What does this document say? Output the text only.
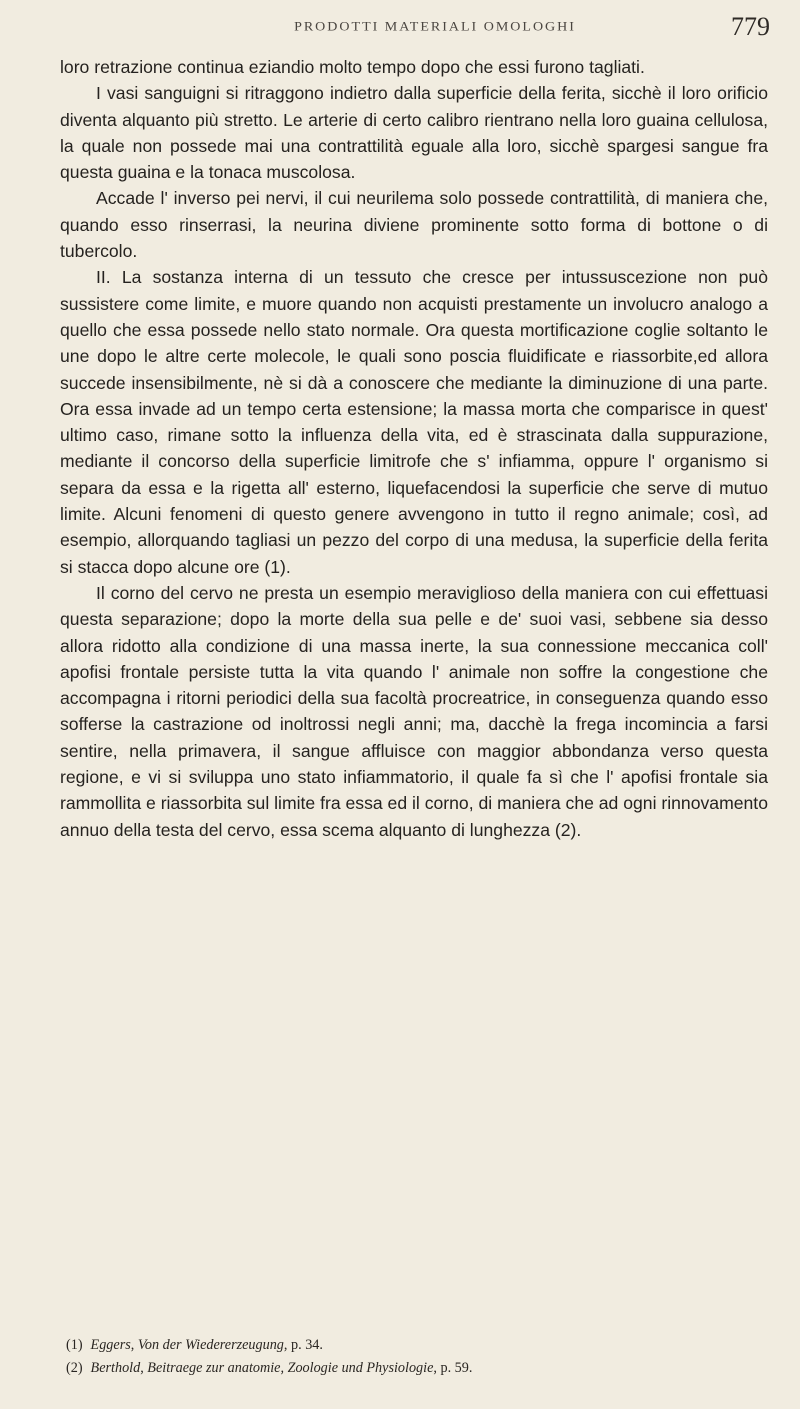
PRODOTTI MATERIALI OMOLOGHI	779

loro retrazione continua eziandio molto tempo dopo che essi furono tagliati.

I vasi sanguigni si ritraggono indietro dalla superficie della ferita, sicchè il loro orificio diventa alquanto più stretto. Le arterie di certo calibro rientrano nella loro guaina cellulosa, la quale non possede mai una contrattilità eguale alla loro, sicchè spargesi sangue fra questa guaina e la tonaca muscolosa.

Accade l' inverso pei nervi, il cui neurilema solo possede contrattilità, di maniera che, quando esso rinserrasi, la neurina diviene prominente sotto forma di bottone o di tubercolo.

II. La sostanza interna di un tessuto che cresce per intussuscezione non può sussistere come limite, e muore quando non acquisti prestamente un involucro analogo a quello che essa possede nello stato normale. Ora questa mortificazione coglie soltanto le une dopo le altre certe molecole, le quali sono poscia fluidificate e riassorbite,ed allora succede insensibilmente, nè si dà a conoscere che mediante la diminuzione di una parte. Ora essa invade ad un tempo certa estensione; la massa morta che comparisce in quest' ultimo caso, rimane sotto la influenza della vita, ed è strascinata dalla suppurazione, mediante il concorso della superficie limitrofe che s' infiamma, oppure l' organismo si separa da essa e la rigetta all' esterno, liquefacendosi la superficie che serve di mutuo limite. Alcuni fenomeni di questo genere avvengono in tutto il regno animale; così, ad esempio, allorquando tagliasi un pezzo del corpo di una medusa, la superficie della ferita si stacca dopo alcune ore (1).

Il corno del cervo ne presta un esempio meraviglioso della maniera con cui effettuasi questa separazione; dopo la morte della sua pelle e de' suoi vasi, sebbene sia desso allora ridotto alla condizione di una massa inerte, la sua connessione meccanica coll' apofisi frontale persiste tutta la vita quando l' animale non soffre la congestione che accompagna i ritorni periodici della sua facoltà procreatrice, in conseguenza quando esso sofferse la castrazione od inoltrossi negli anni; ma, dacchè la frega incomincia a farsi sentire, nella primavera, il sangue affluisce con maggior abbondanza verso questa regione, e vi si sviluppa uno stato infiammatorio, il quale fa sì che l' apofisi frontale sia rammollita e riassorbita sul limite fra essa ed il corno, di maniera che ad ogni rinnovamento annuo della testa del cervo, essa scema alquanto di lunghezza (2).

(1) Eggers, Von der Wiedererzeugung, p. 34.
(2) Berthold, Beitraege zur anatomie, Zoologie und Physiologie, p. 59.
